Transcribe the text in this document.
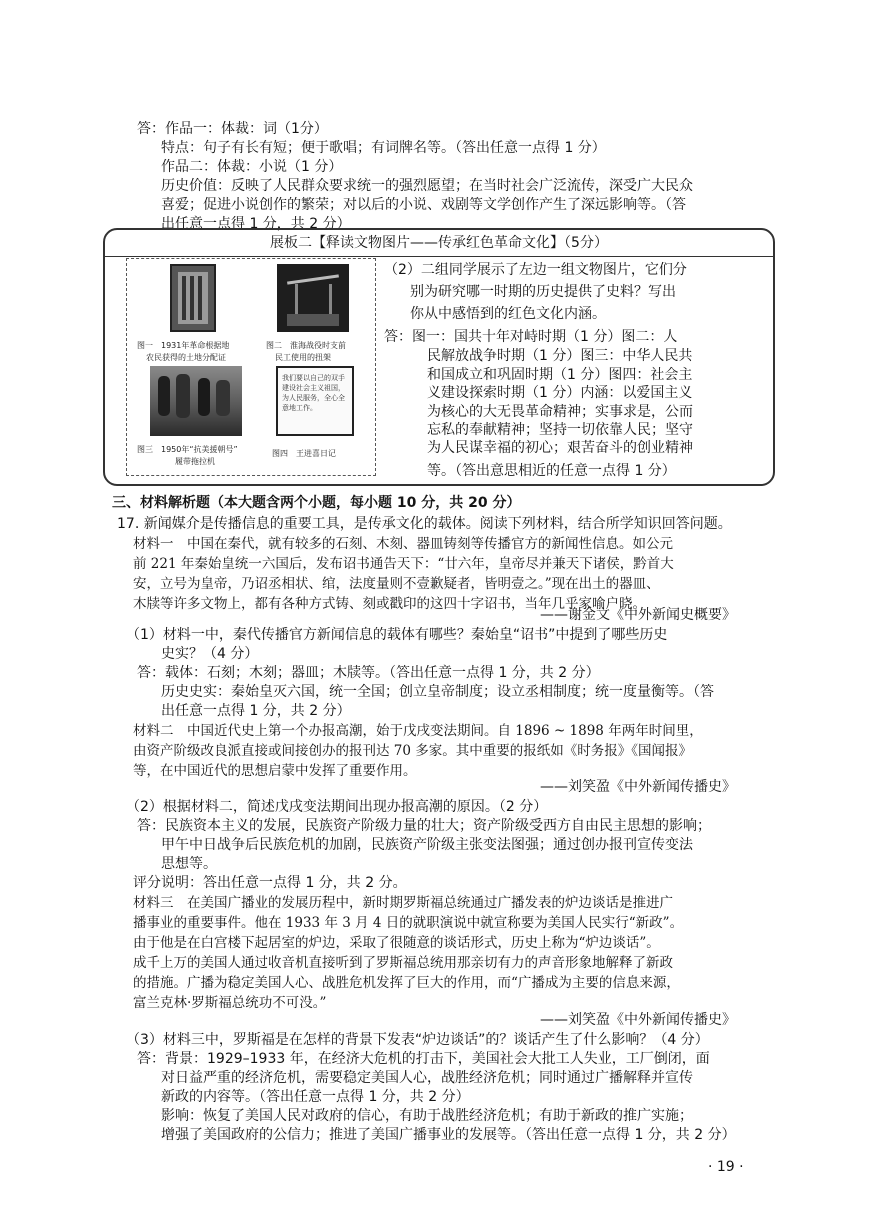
答：作品一：体裁：词（1分）
特点：句子有长有短；便于歌唱；有词牌名等。（答出任意一点得 1 分）
作品二：体裁：小说（1 分）
历史价值：反映了人民群众要求统一的强烈愿望；在当时社会广泛流传，深受广大民众
喜爱；促进小说创作的繁荣；对以后的小说、戏剧等文学创作产生了深远影响等。（答
出任意一点得 1 分，共 2 分）
展板二【释读文物图片——传承红色革命文化】（5分）
图一　1931年革命根据地
农民获得的土地分配证
图二　淮海战役时支前
民工使用的扭架
图三　1950年“抗美援朝号”
履带拖拉机
我们要以自己的双手建设社会主义祖国，为人民服务，全心全意地工作。
图四　王进喜日记
（2）二组同学展示了左边一组文物图片，它们分
别为研究哪一时期的历史提供了史料？写出
你从中感悟到的红色文化内涵。
答：图一：国共十年对峙时期（1 分）图二：人
民解放战争时期（1 分）图三：中华人民共
和国成立和巩固时期（1 分）图四：社会主
义建设探索时期（1 分）内涵：以爱国主义
为核心的大无畏革命精神；实事求是，公而
忘私的奉献精神；坚持一切依靠人民；坚守
为人民谋幸福的初心；艰苦奋斗的创业精神
等。（答出意思相近的任意一点得 1 分）
三、材料解析题（本大题含两个小题，每小题 10 分，共 20 分）
17. 新闻媒介是传播信息的重要工具，是传承文化的载体。阅读下列材料，结合所学知识回答问题。
材料一　中国在秦代，就有较多的石刻、木刻、器皿铸刻等传播官方的新闻性信息。如公元
前 221 年秦始皇统一六国后，发布诏书通告天下：“廿六年，皇帝尽并兼天下诸侯，黔首大
安，立号为皇帝，乃诏丞相状、绾，法度量则不壹歉疑者，皆明壹之。”现在出土的器皿、
木牍等许多文物上，都有各种方式铸、刻或戳印的这四十字诏书，当年几乎家喻户晓。
——谢金文《中外新闻史概要》
（1）材料一中，秦代传播官方新闻信息的载体有哪些？秦始皇“诏书”中提到了哪些历史
史实？（4 分）
答：载体：石刻；木刻；器皿；木牍等。（答出任意一点得 1 分，共 2 分）
历史史实：秦始皇灭六国，统一全国；创立皇帝制度；设立丞相制度；统一度量衡等。（答
出任意一点得 1 分，共 2 分）
材料二　中国近代史上第一个办报高潮，始于戊戌变法期间。自 1896 ~ 1898 年两年时间里，
由资产阶级改良派直接或间接创办的报刊达 70 多家。其中重要的报纸如《时务报》《国闻报》
等，在中国近代的思想启蒙中发挥了重要作用。
——刘笑盈《中外新闻传播史》
（2）根据材料二，简述戊戌变法期间出现办报高潮的原因。（2 分）
答：民族资本主义的发展，民族资产阶级力量的壮大；资产阶级受西方自由民主思想的影响；
甲午中日战争后民族危机的加剧，民族资产阶级主张变法图强；通过创办报刊宣传变法
思想等。
评分说明：答出任意一点得 1 分，共 2 分。
材料三　在美国广播业的发展历程中，新时期罗斯福总统通过广播发表的炉边谈话是推进广
播事业的重要事件。他在 1933 年 3 月 4 日的就职演说中就宣称要为美国人民实行“新政”。
由于他是在白宫楼下起居室的炉边，采取了很随意的谈话形式，历史上称为“炉边谈话”。
成千上万的美国人通过收音机直接听到了罗斯福总统用那亲切有力的声音形象地解释了新政
的措施。广播为稳定美国人心、战胜危机发挥了巨大的作用，而“广播成为主要的信息来源，
富兰克林·罗斯福总统功不可没。”
——刘笑盈《中外新闻传播史》
（3）材料三中，罗斯福是在怎样的背景下发表“炉边谈话”的？谈话产生了什么影响？（4 分）
答：背景：1929–1933 年，在经济大危机的打击下，美国社会大批工人失业，工厂倒闭，面
对日益严重的经济危机，需要稳定美国人心，战胜经济危机；同时通过广播解释并宣传
新政的内容等。（答出任意一点得 1 分，共 2 分）
影响：恢复了美国人民对政府的信心，有助于战胜经济危机；有助于新政的推广实施；
增强了美国政府的公信力；推进了美国广播事业的发展等。（答出任意一点得 1 分，共 2 分）
· 19 ·
